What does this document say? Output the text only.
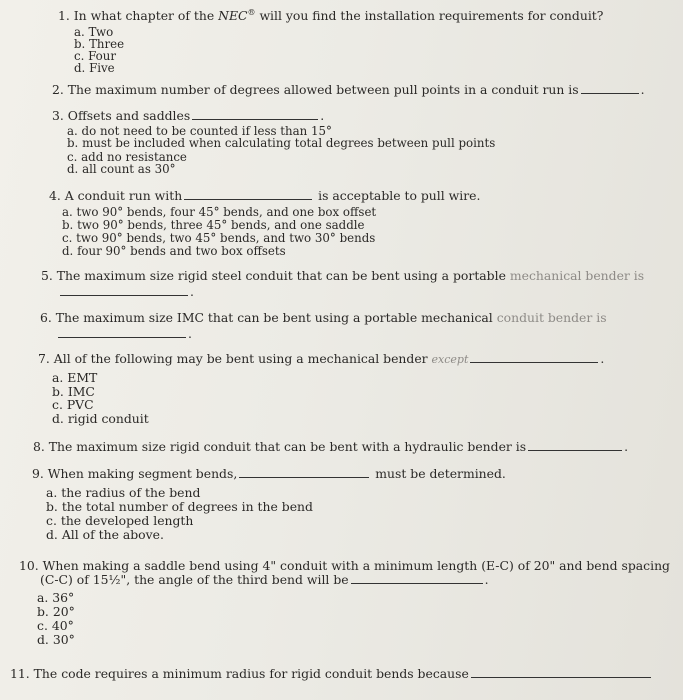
1. In what chapter of the NEC® will you find the installation requirements for conduit?
a. Two
b. Three
c. Four
d. Five
2. The maximum number of degrees allowed between pull points in a conduit run is	.
3. Offsets and saddles	.
a. do not need to be counted if less than 15°
b. must be included when calculating total degrees between pull points
c. add no resistance
d. all count as 30°
4. A conduit run with	is acceptable to pull wire.
a. two 90° bends, four 45° bends, and one box offset
b. two 90° bends, three 45° bends, and one saddle
c. two 90° bends, two 45° bends, and two 30° bends
d. four 90° bends and two box offsets
5. The maximum size rigid steel conduit that can be bent using a portable mechanical bender is
.
6. The maximum size IMC that can be bent using a portable mechanical conduit bender is
.
7. All of the following may be bent using a mechanical bender except	.
a. EMT
b. IMC
c. PVC
d. rigid conduit
8. The maximum size rigid conduit that can be bent with a hydraulic bender is	.
9. When making segment bends,	must be determined.
a. the radius of the bend
b. the total number of degrees in the bend
c. the developed length
d. All of the above.
10. When making a saddle bend using 4" conduit with a minimum length (E-C) of 20" and bend spacing
(C-C) of 15½", the angle of the third bend will be	.
a. 36°
b. 20°
c. 40°
d. 30°
11. The code requires a minimum radius for rigid conduit bends because
